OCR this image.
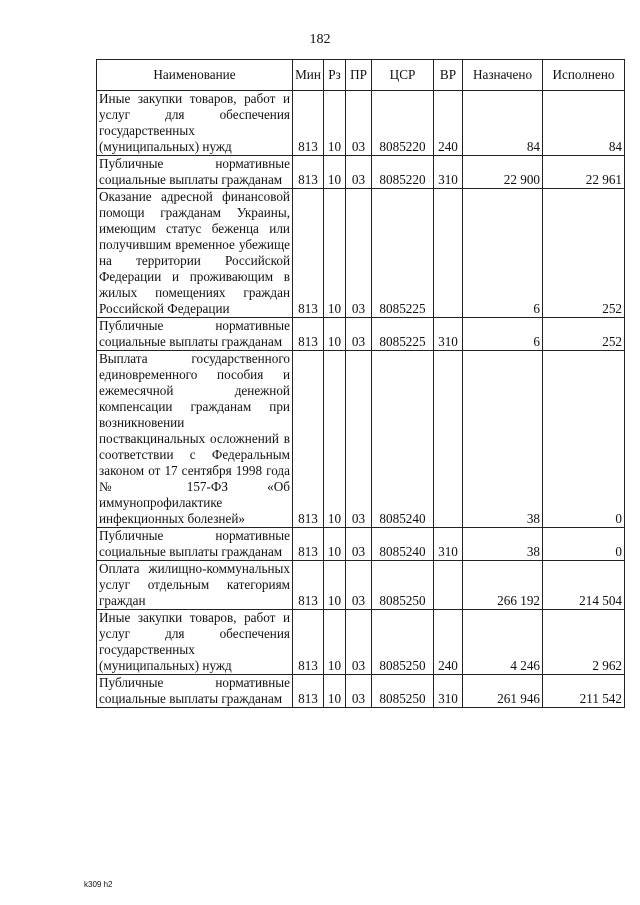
182
Наименование	Мин	Рз	ПР	ЦСР	ВР	Назначено	Исполнено
Иные закупки товаров, работ и услуг для обеспечения государственных (муниципальных) нужд	813	10	03	8085220	240	84	84
Публичные нормативные социальные выплаты гражданам	813	10	03	8085220	310	22 900	22 961
Оказание адресной финансовой помощи гражданам Украины, имеющим статус беженца или получившим временное убежище на территории Российской Федерации и проживающим в жилых помещениях граждан Российской Федерации	813	10	03	8085225		6	252
Публичные нормативные социальные выплаты гражданам	813	10	03	8085225	310	6	252
Выплата государственного единовременного пособия и ежемесячной денежной компенсации гражданам при возникновении поствакцинальных осложнений в соответствии с Федеральным законом от 17 сентября 1998 года № 157-ФЗ «Об иммунопрофилактике инфекционных болезней»	813	10	03	8085240		38	0
Публичные нормативные социальные выплаты гражданам	813	10	03	8085240	310	38	0
Оплата жилищно-коммунальных услуг отдельным категориям граждан	813	10	03	8085250		266 192	214 504
Иные закупки товаров, работ и услуг для обеспечения государственных (муниципальных) нужд	813	10	03	8085250	240	4 246	2 962
Публичные нормативные социальные выплаты гражданам	813	10	03	8085250	310	261 946	211 542
k309 h2
